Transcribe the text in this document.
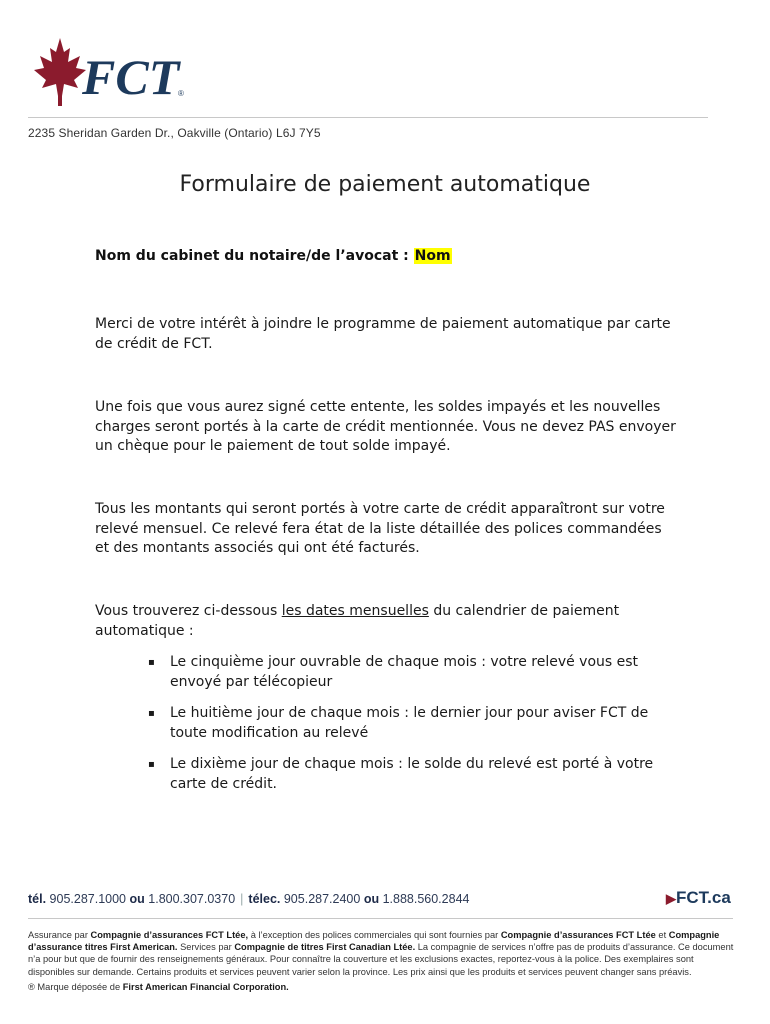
FCT
®
2235 Sheridan Garden Dr., Oakville (Ontario) L6J 7Y5
Formulaire de paiement automatique
Nom du cabinet du notaire/de l’avocat : Nom

Merci de votre intérêt à joindre le programme de paiement automatique par carte de crédit de FCT.

Une fois que vous aurez signé cette entente, les soldes impayés et les nouvelles charges seront portés à la carte de crédit mentionnée. Vous ne devez PAS envoyer un chèque pour le paiement de tout solde impayé.

Tous les montants qui seront portés à votre carte de crédit apparaîtront sur votre relevé mensuel. Ce relevé fera état de la liste détaillée des polices commandées et des montants associés qui ont été facturés.

Vous trouverez ci-dessous les dates mensuelles du calendrier de paiement automatique :

▪ Le cinquième jour ouvrable de chaque mois : votre relevé vous est envoyé par télécopieur
▪ Le huitième jour de chaque mois : le dernier jour pour aviser FCT de toute modification au relevé
▪ Le dixième jour de chaque mois : le solde du relevé est porté à votre carte de crédit.
tél. 905.287.1000 ou 1.800.307.0370 | télec. 905.287.2400 ou 1.888.560.2844	▶FCT.ca

Assurance par Compagnie d’assurances FCT Ltée, à l’exception des polices commerciales qui sont fournies par Compagnie d’assurances FCT Ltée et Compagnie d’assurance titres First American. Services par Compagnie de titres First Canadian Ltée. La compagnie de services n’offre pas de produits d’assurance. Ce document n’a pour but que de fournir des renseignements généraux. Pour connaître la couverture et les exclusions exactes, reportez-vous à la police. Des exemplaires sont disponibles sur demande. Certains produits et services peuvent varier selon la province. Les prix ainsi que les produits et services peuvent changer sans préavis.

® Marque déposée de First American Financial Corporation.
